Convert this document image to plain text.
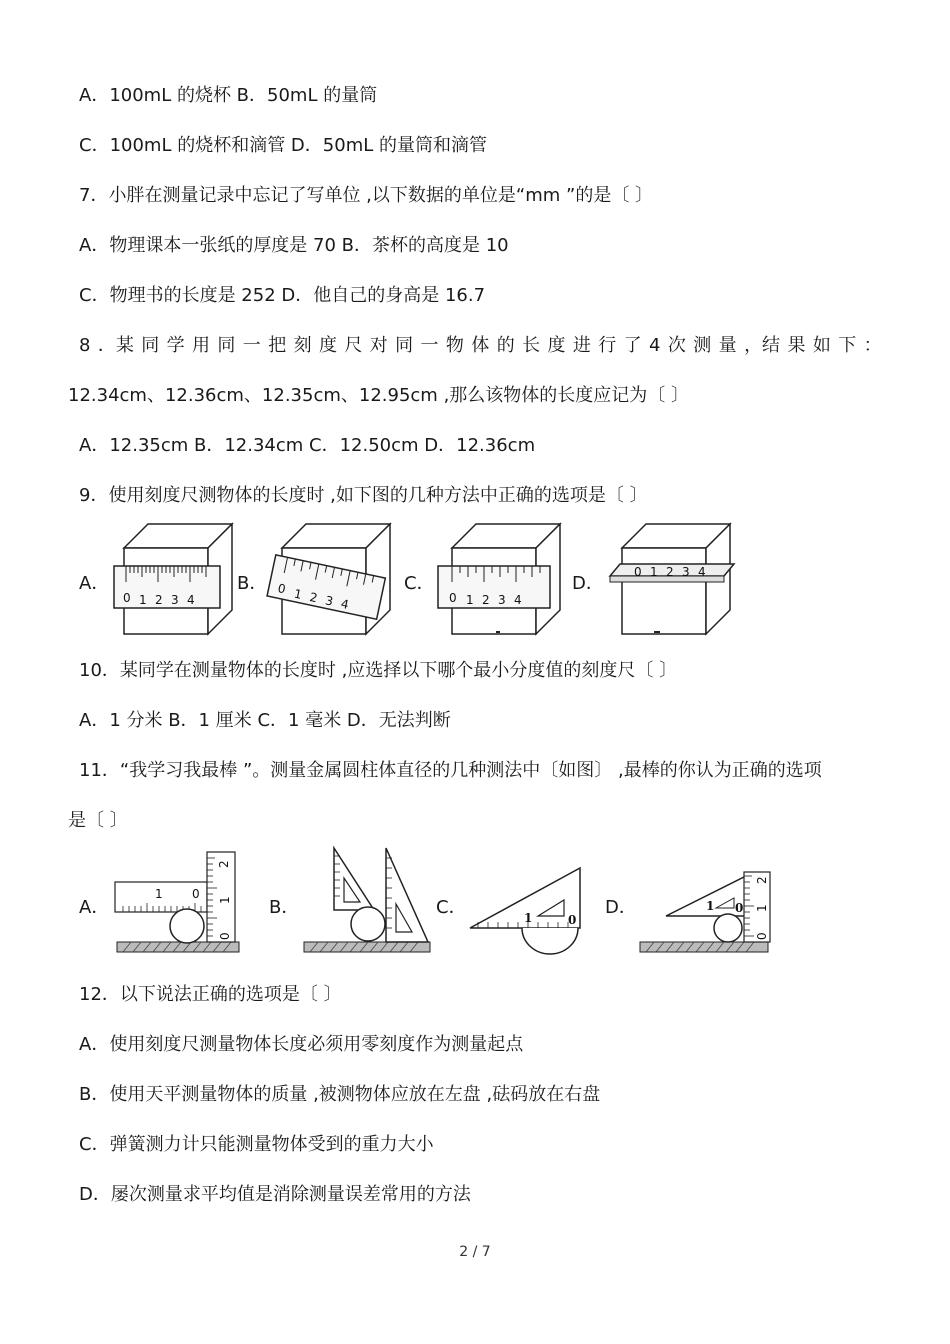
A．100mL 的烧杯 B．50mL 的量筒
C．100mL 的烧杯和滴管 D．50mL 的量筒和滴管
7．小胖在测量记录中忘记了写单位 ,以下数据的单位是“mm ”的是〔 〕
A．物理课本一张纸的厚度是 70 B．茶杯的高度是 10
C．物理书的长度是 252 D．他自己的身高是 16.7
8 ．某 同 学 用 同 一 把 刻 度 尺 对 同 一 物 体 的 长 度 进 行 了 4 次 测 量 ，结 果 如 下 ：
12.34cm、12.36cm、12.35cm、12.95cm ,那么该物体的长度应记为〔 〕
A．12.35cm B．12.34cm C．12.50cm D．12.36cm
9．使用刻度尺测物体的长度时 ,如下图的几种方法中正确的选项是〔 〕
A．	B．	C．	D．
0 1 2 3 4
0 1 2 3 4	0 1 2 3 4
0 1 2 3 4
10．某同学在测量物体的长度时 ,应选择以下哪个最小分度值的刻度尺〔 〕
A．1 分米 B．1 厘米 C．1 毫米 D．无法判断
11．“我学习我最棒 ”。测量金属圆柱体直径的几种测法中〔如图〕 ,最棒的你认为正确的选项
是〔 〕
A．	B．	C．	D．
1 0
2
1
0
1	0
1 0
2
1
0
12．以下说法正确的选项是〔 〕
A．使用刻度尺测量物体长度必须用零刻度作为测量起点
B．使用天平测量物体的质量 ,被测物体应放在左盘 ,砝码放在右盘
C．弹簧测力计只能测量物体受到的重力大小
D．屡次测量求平均值是消除测量误差常用的方法
2 / 7
